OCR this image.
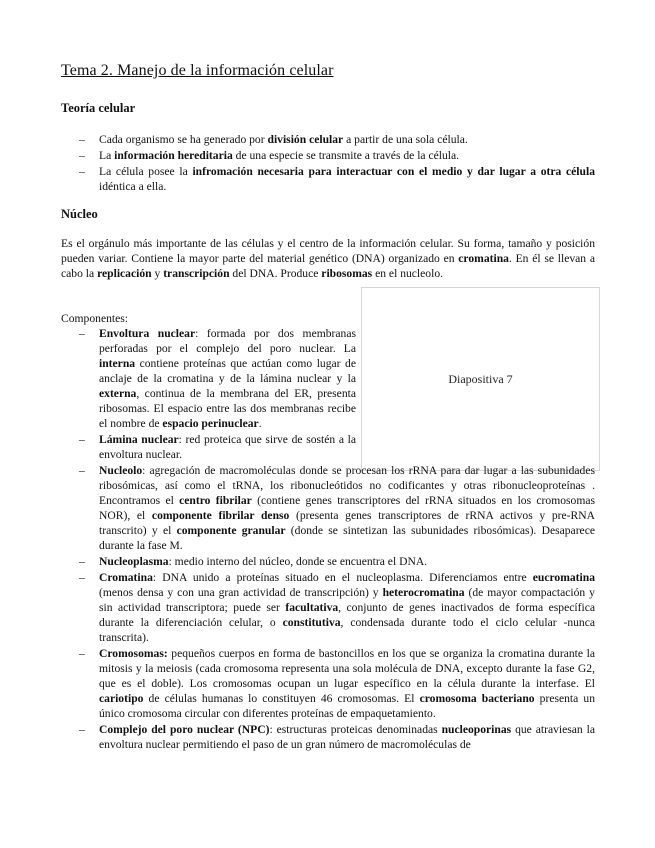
Tema 2. Manejo de la información celular
Teoría celular
– Cada organismo se ha generado por división celular a partir de una sola célula.
– La información hereditaria de una especie se transmite a través de la célula.
– La célula posee la infromación necesaria para interactuar con el medio y dar lugar a otra célula idéntica a ella.
Núcleo

Es el orgánulo más importante de las células y el centro de la información celular. Su forma, tamaño y posición pueden variar. Contiene la mayor parte del material genético (DNA) organizado en cromatina. En él se llevan a cabo la replicación y transcripción del DNA. Produce ribosomas en el nucleolo.

Diapositiva 7
Componentes:
– Envoltura nuclear: formada por dos membranas perforadas por el complejo del poro nuclear. La interna contiene proteínas que actúan como lugar de anclaje de la cromatina y de la lámina nuclear y la externa, continua de la membrana del ER, presenta ribosomas. El espacio entre las dos membranas recibe el nombre de espacio perinuclear.
– Lámina nuclear: red proteica que sirve de sostén a la envoltura nuclear.
– Nucleolo: agregación de macromoléculas donde se procesan los rRNA para dar lugar a las subunidades ribosómicas, así como el tRNA, los ribonucleótidos no codificantes y otras ribonucleoproteínas . Encontramos el centro fibrilar (contiene genes transcriptores del rRNA situados en los cromosomas NOR), el componente fibrilar denso (presenta genes transcriptores de rRNA activos y pre-RNA transcrito) y el componente granular (donde se sintetizan las subunidades ribosómicas). Desaparece durante la fase M.
– Nucleoplasma: medio interno del núcleo, donde se encuentra el DNA.
– Cromatina: DNA unido a proteínas situado en el nucleoplasma. Diferenciamos entre eucromatina (menos densa y con una gran actividad de transcripción) y heterocromatina (de mayor compactación y sin actividad transcriptora; puede ser facultativa, conjunto de genes inactivados de forma específica durante la diferenciación celular, o constitutiva, condensada durante todo el ciclo celular -nunca transcrita).
– Cromosomas: pequeños cuerpos en forma de bastoncillos en los que se organiza la cromatina durante la mitosis y la meiosis (cada cromosoma representa una sola molécula de DNA, excepto durante la fase G2, que es el doble). Los cromosomas ocupan un lugar específico en la célula durante la interfase. El cariotipo de células humanas lo constituyen 46 cromosomas. El cromosoma bacteriano presenta un único cromosoma circular con diferentes proteínas de empaquetamiento.
– Complejo del poro nuclear (NPC): estructuras proteicas denominadas nucleoporinas que atraviesan la envoltura nuclear permitiendo el paso de un gran número de macromoléculas de
